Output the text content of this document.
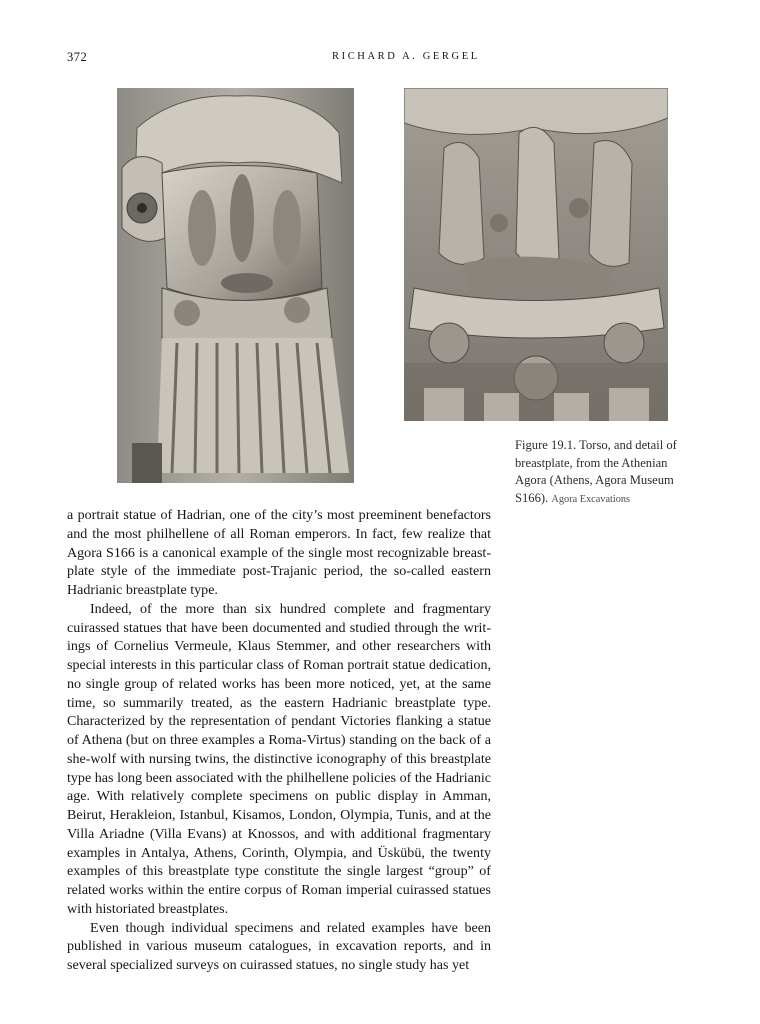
372	RICHARD A. GERGEL
Figure 19.1. Torso, and detail of breastplate, from the Athenian Agora (Athens, Agora Museum S166). Agora Excavations

a portrait statue of Hadrian, one of the city’s most preeminent benefactors and the most philhellene of all Roman emperors. In fact, few realize that Agora S166 is a canonical example of the single most recognizable breastplate style of the immediate post-Trajanic period, the so-called eastern Hadrianic breastplate type.

Indeed, of the more than six hundred complete and fragmentary cuirassed statues that have been documented and studied through the writings of Cornelius Vermeule, Klaus Stemmer, and other researchers with special interests in this particular class of Roman portrait statue dedication, no single group of related works has been more noticed, yet, at the same time, so summarily treated, as the eastern Hadrianic breastplate type. Characterized by the representation of pendant Victories flanking a statue of Athena (but on three examples a Roma-Virtus) standing on the back of a she-wolf with nursing twins, the distinctive iconography of this breastplate type has long been associated with the philhellene policies of the Hadrianic age. With relatively complete specimens on public display in Amman, Beirut, Herakleion, Istanbul, Kisamos, London, Olympia, Tunis, and at the Villa Ariadne (Villa Evans) at Knossos, and with additional fragmentary examples in Antalya, Athens, Corinth, Olympia, and Üskübü, the twenty examples of this breastplate type constitute the single largest “group” of related works within the entire corpus of Roman imperial cuirassed statues with historiated breastplates.

Even though individual specimens and related examples have been published in various museum catalogues, in excavation reports, and in several specialized surveys on cuirassed statues, no single study has yet
